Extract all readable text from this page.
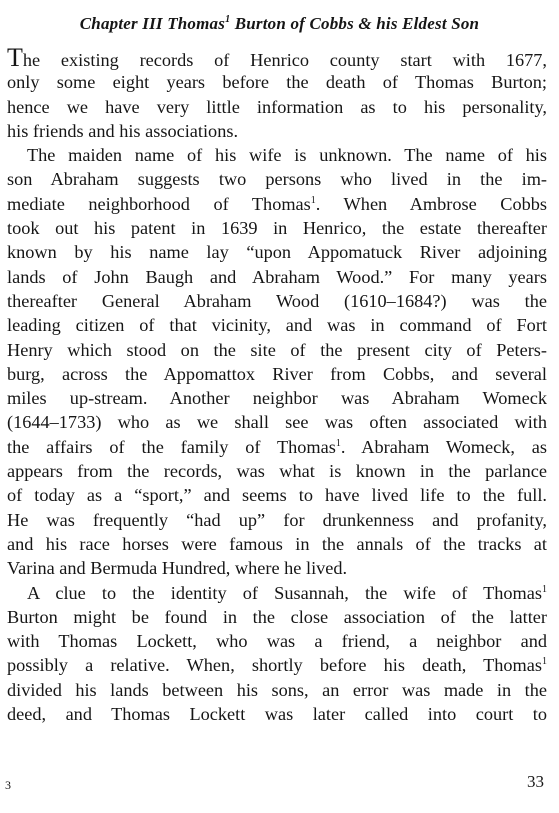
Chapter III Thomas$^1$ Burton of Cobbs & his Eldest Son
The existing records of Henrico county start with 1677,
only some eight years before the death of Thomas Burton;
hence we have very little information as to his personality,
his friends and his associations.
The maiden name of his wife is unknown. The name of his
son Abraham suggests two persons who lived in the im-
mediate neighborhood of Thomas$^1$. When Ambrose Cobbs
took out his patent in 1639 in Henrico, the estate thereafter
known by his name lay “upon Appomatuck River adjoining
lands of John Baugh and Abraham Wood.” For many years
thereafter General Abraham Wood (1610–1684?) was the
leading citizen of that vicinity, and was in command of Fort
Henry which stood on the site of the present city of Peters-
burg, across the Appomattox River from Cobbs, and several
miles up-stream. Another neighbor was Abraham Womeck
(1644–1733) who as we shall see was often associated with
the affairs of the family of Thomas$^1$. Abraham Womeck, as
appears from the records, was what is known in the parlance
of today as a “sport,” and seems to have lived life to the full.
He was frequently “had up” for drunkenness and profanity,
and his race horses were famous in the annals of the tracks at
Varina and Bermuda Hundred, where he lived.
A clue to the identity of Susannah, the wife of Thomas$^1$
Burton might be found in the close association of the latter
with Thomas Lockett, who was a friend, a neighbor and
possibly a relative. When, shortly before his death, Thomas$^1$
divided his lands between his sons, an error was made in the
deed, and Thomas Lockett was later called into court to
3	33
